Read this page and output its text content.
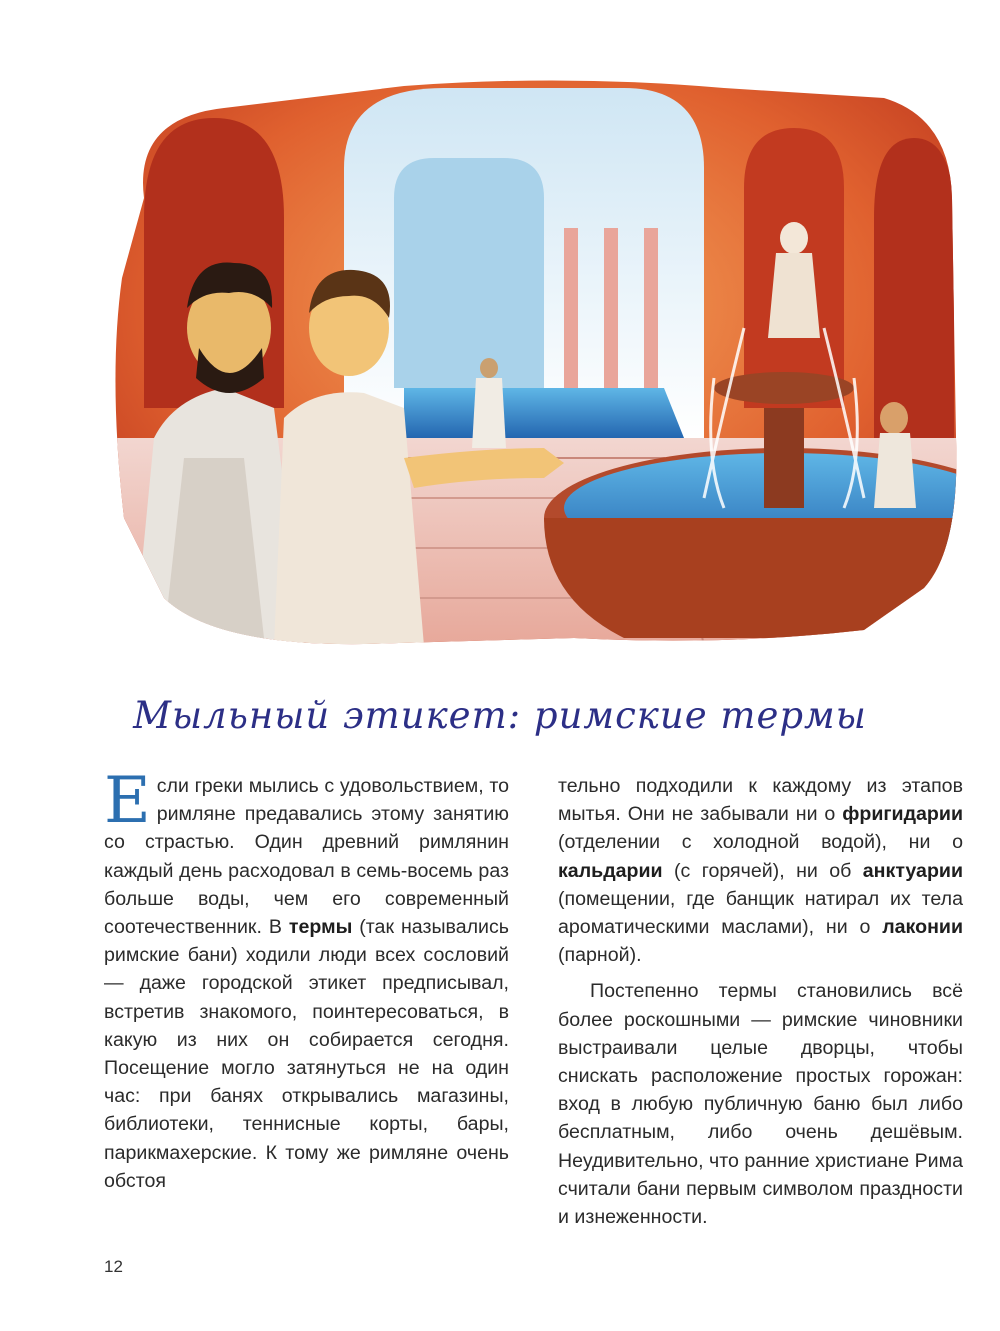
Мыльный этикет: римские термы

Если греки мылись с удовольствием, то римляне предавались этому занятию со страстью. Один древний римлянин каждый день расходовал в семь-восемь раз больше воды, чем его современный соотечественник. В термы (так назывались римские бани) ходили люди всех сословий — даже городской этикет предписывал, встретив знакомого, поинтересоваться, в какую из них он собирается сегодня. Посещение могло затянуться не на один час: при банях открывались магазины, библиотеки, теннисные корты, бары, парикмахерские. К тому же римляне очень обстоя

тельно подходили к каждому из этапов мытья. Они не забывали ни о фригидарии (отделении с холодной водой), ни о кальдарии (с горячей), ни об анктуарии (помещении, где банщик натирал их тела ароматическими маслами), ни о лаконии (парной).

Постепенно термы становились всё более роскошными — римские чиновники выстраивали целые дворцы, чтобы снискать расположение простых горожан: вход в любую публичную баню был либо бесплатным, либо очень дешёвым. Неудивительно, что ранние христиане Рима считали бани первым символом праздности и изнеженности.

12
